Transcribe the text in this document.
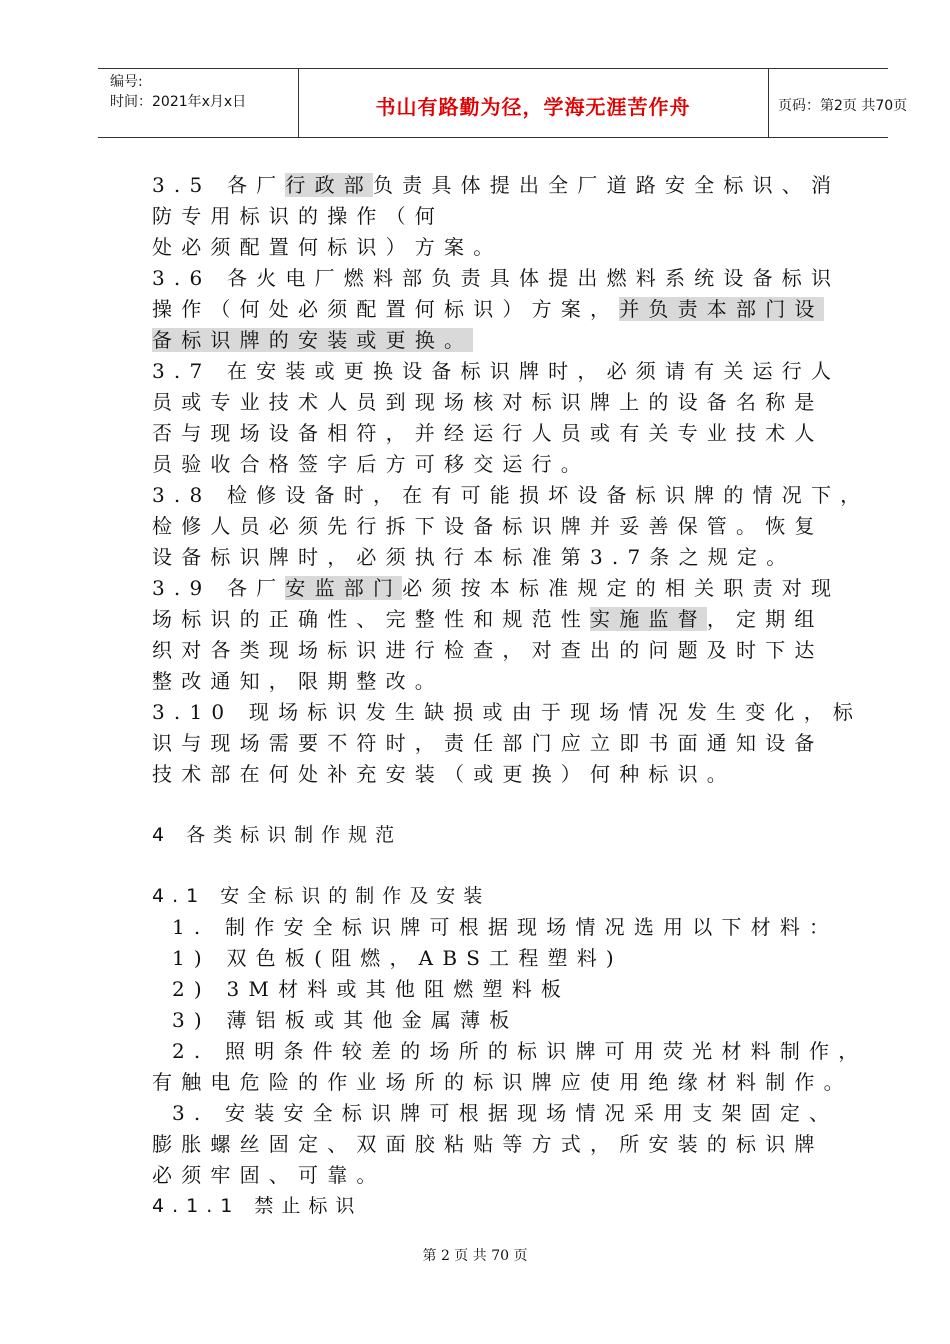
编号:
时间：2021年x月x日	书山有路勤为径，学海无涯苦作舟	页码：第2页 共70页
3.5 各厂行政部负责具体提出全厂道路安全标识、消
防专用标识的操作（何
处必须配置何标识）方案。
3.6 各火电厂燃料部负责具体提出燃料系统设备标识
操作（何处必须配置何标识）方案，并负责本部门设
备标识牌的安装或更换。
3.7 在安装或更换设备标识牌时，必须请有关运行人
员或专业技术人员到现场核对标识牌上的设备名称是
否与现场设备相符，并经运行人员或有关专业技术人
员验收合格签字后方可移交运行。
3.8 检修设备时，在有可能损坏设备标识牌的情况下，
检修人员必须先行拆下设备标识牌并妥善保管。恢复
设备标识牌时，必须执行本标准第3.7条之规定。
3.9 各厂安监部门必须按本标准规定的相关职责对现
场标识的正确性、完整性和规范性实施监督，定期组
织对各类现场标识进行检查，对查出的问题及时下达
整改通知，限期整改。
3.10 现场标识发生缺损或由于现场情况发生变化，标
识与现场需要不符时，责任部门应立即书面通知设备
技术部在何处补充安装（或更换）何种标识。
4 各类标识制作规范
4.1 安全标识的制作及安装
1. 制作安全标识牌可根据现场情况选用以下材料：
1) 双色板(阻燃，ABS工程塑料)
2) 3M材料或其他阻燃塑料板
3) 薄铝板或其他金属薄板
2. 照明条件较差的场所的标识牌可用荧光材料制作，
有触电危险的作业场所的标识牌应使用绝缘材料制作。
3. 安装安全标识牌可根据现场情况采用支架固定、
膨胀螺丝固定、双面胶粘贴等方式，所安装的标识牌
必须牢固、可靠。
4.1.1 禁止标识
第 2 页 共 70 页
